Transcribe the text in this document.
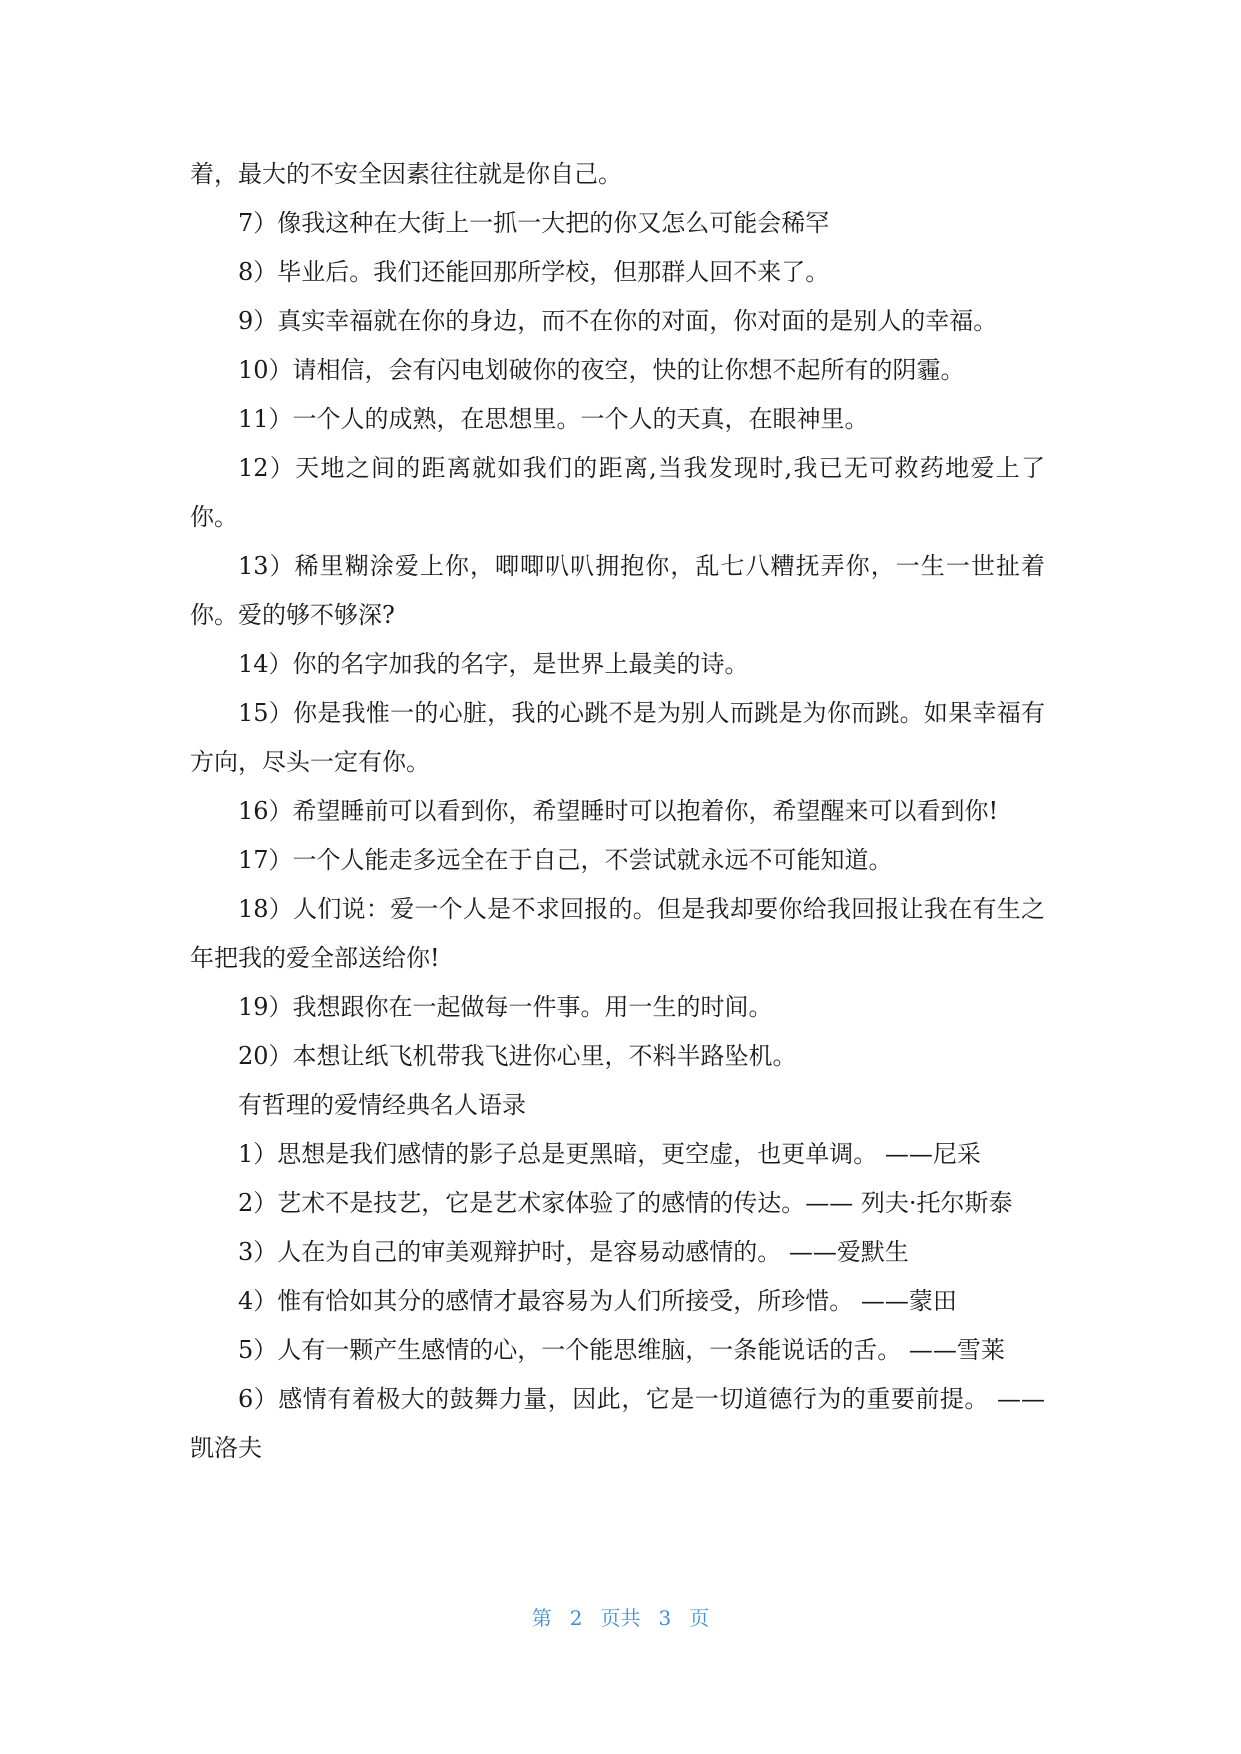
着，最大的不安全因素往往就是你自己。

7）像我这种在大街上一抓一大把的你又怎么可能会稀罕

8）毕业后。我们还能回那所学校，但那群人回不来了。

9）真实幸福就在你的身边，而不在你的对面，你对面的是别人的幸福。

10）请相信，会有闪电划破你的夜空，快的让你想不起所有的阴霾。

11）一个人的成熟，在思想里。一个人的天真，在眼神里。

12）天地之间的距离就如我们的距离,当我发现时,我已无可救药地爱上了你。

13）稀里糊涂爱上你，唧唧叭叭拥抱你，乱七八糟抚弄你，一生一世扯着你。爱的够不够深?

14）你的名字加我的名字，是世界上最美的诗。

15）你是我惟一的心脏，我的心跳不是为别人而跳是为你而跳。如果幸福有方向，尽头一定有你。

16）希望睡前可以看到你，希望睡时可以抱着你，希望醒来可以看到你!

17）一个人能走多远全在于自己，不尝试就永远不可能知道。

18）人们说：爱一个人是不求回报的。但是我却要你给我回报让我在有生之年把我的爱全部送给你!

19）我想跟你在一起做每一件事。用一生的时间。

20）本想让纸飞机带我飞进你心里，不料半路坠机。

有哲理的爱情经典名人语录

1）思想是我们感情的影子总是更黑暗，更空虚，也更单调。 ——尼采

2）艺术不是技艺，它是艺术家体验了的感情的传达。—— 列夫·托尔斯泰

3）人在为自己的审美观辩护时，是容易动感情的。 ——爱默生

4）惟有恰如其分的感情才最容易为人们所接受，所珍惜。 ——蒙田

5）人有一颗产生感情的心，一个能思维脑，一条能说话的舌。 ——雪莱

6）感情有着极大的鼓舞力量，因此，它是一切道德行为的重要前提。 ——凯洛夫

第 2 页共 3 页
